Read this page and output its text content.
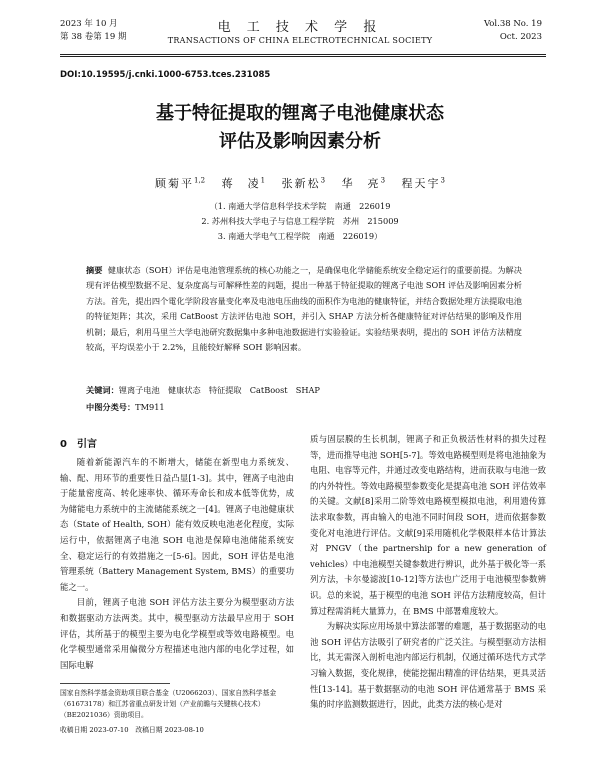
2023 年 10 月
第 38 卷第 19 期
电 工 技 术 学 报
TRANSACTIONS OF CHINA ELECTROTECHNICAL SOCIETY
Vol.38 No. 19
Oct. 2023
DOI:10.19595/j.cnki.1000-6753.tces.231085
基于特征提取的锂离子电池健康状态
评估及影响因素分析
顾菊平$^{1,2}$ 蒋　凌$^1$ 张新松$^3$ 华　亮$^3$ 程天宇$^3$
（1. 南通大学信息科学技术学院　南通　226019
2. 苏州科技大学电子与信息工程学院　苏州　215009
3. 南通大学电气工程学院　南通　226019）
摘要 健康状态（SOH）评估是电池管理系统的核心功能之一，是确保电化学储能系统安全稳定运行的重要前提。为解决现有评估模型数据不足、复杂度高与可解释性差的问题，提出一种基于特征提取的锂离子电池 SOH 评估及影响因素分析方法。首先，提出四个電化学阶段容量变化率及电池电压曲线的面积作为电池的健康特征，并结合数据处理方法提取电池的特征矩阵；其次，采用 CatBoost 方法评估电池 SOH，并引入 SHAP 方法分析各健康特征对评估结果的影响及作用机制；最后，利用马里兰大学电池研究数据集中多种电池数据进行实验验证。实验结果表明，提出的 SOH 评估方法精度较高，平均误差小于 2.2%，且能较好解释 SOH 影响因素。
关键词：锂离子电池　健康状态　特征提取　CatBoost　SHAP
中图分类号：TM911
0　引言

随着新能源汽车的不断增大，储能在新型电力系统发、输、配、用环节的重要性日益凸显[1-3]。其中，锂离子电池由于能量密度高、转化速率快、循环寿命长和成本低等优势，成为储能电力系统中的主流储能系统之一[4]。锂离子电池健康状态（State of Health, SOH）能有效反映电池老化程度，实际运行中，依据锂离子电池 SOH 电池是保障电池储能系统安全、稳定运行的有效措施之一[5-6]。因此，SOH 评估是电池管理系统（Battery Management System, BMS）的重要功能之一。

目前，锂离子电池 SOH 评估方法主要分为模型驱动方法和数据驱动方法两类。其中，模型驱动方法最早应用于 SOH 评估，其所基于的模型主要为电化学模型或等效电路模型。电化学模型通常采用偏微分方程描述电池内部的电化学过程，如国际电解

质与固层膜的生长机制，锂离子和正负极活性材料的损失过程等，进而推导电池 SOH[5-7]。等效电路模型则是将电池抽象为电阻、电容等元件，并通过改变电路结构，进而获取与电池一致的内外特性。等效电路模型参数变化是提高电池 SOH 评估效率的关键。文献[8]采用二阶等效电路模型模拟电池，利用遗传算法求取参数，再由输入的电池不同时间段 SOH，进而依据参数变化对电池进行评估。文献[9]采用随机化学极限样本估计算法对 PNGV（the partnership for a new generation of vehicles）中电池模型关键参数进行辨识，此外基于极化等一系列方法，卡尔曼滤波[10-12]等方法也广泛用于电池模型参数辨识。总的来说，基于模型的电池 SOH 评估方法精度较高，但计算过程需消耗大量算力，在 BMS 中部署难度较大。

为解决实际应用场景中算法部署的难题，基于数据驱动的电池 SOH 评估方法吸引了研究者的广泛关注。与模型驱动方法相比，其无需深入剖析电池内部运行机制，仅通过循环迭代方式学习输入数据，变化规律，使能挖掘出精准的评估结果，更具灵活性[13-14]。基于数据驱动的电池 SOH 评估通常基于 BMS 采集的时序监测数据进行，因此，此类方法的核心是对

国家自然科学基金资助项目联合基金（U2066203）、国家自然科学基金（61673178）和江苏省重点研发计划（产业前瞻与关键核心技术）（BE2021036）资助项目。
收稿日期 2023-07-10　改稿日期 2023-08-10
